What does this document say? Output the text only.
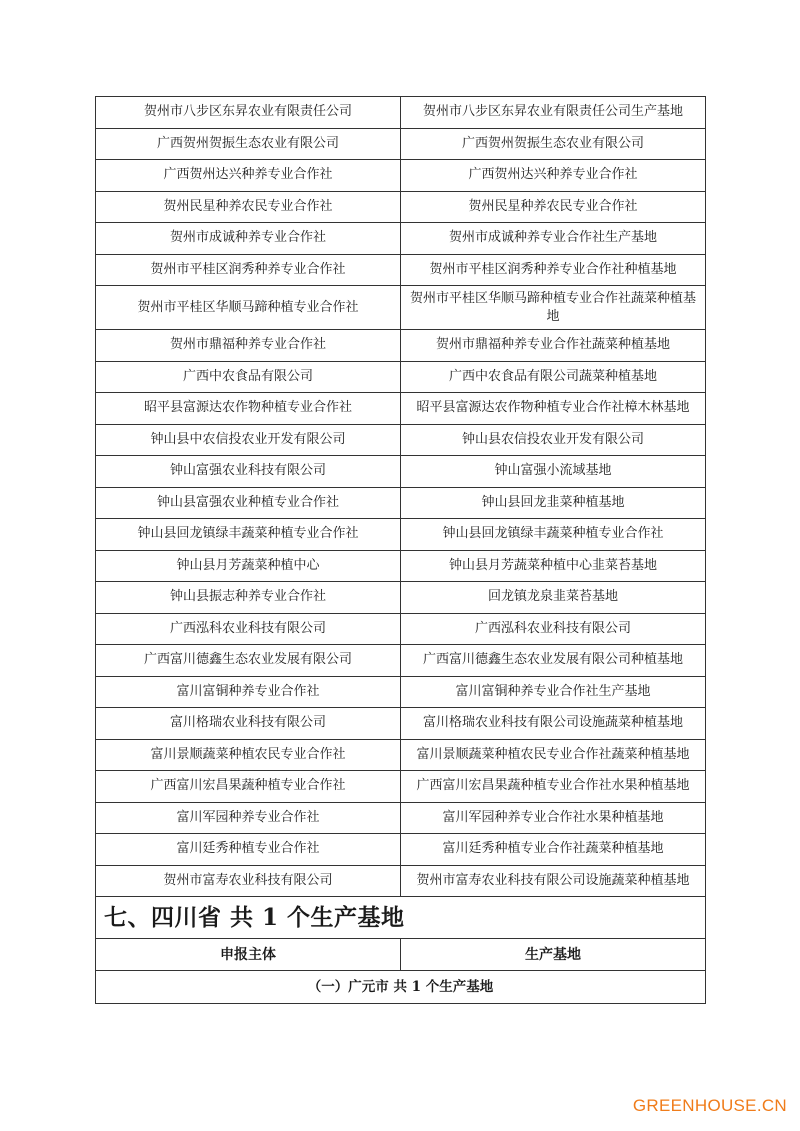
贺州市八步区东昇农业有限责任公司	贺州市八步区东昇农业有限责任公司生产基地
广西贺州贺振生态农业有限公司	广西贺州贺振生态农业有限公司
广西贺州达兴种养专业合作社	广西贺州达兴种养专业合作社
贺州民星种养农民专业合作社	贺州民星种养农民专业合作社
贺州市成诚种养专业合作社	贺州市成诚种养专业合作社生产基地
贺州市平桂区润秀种养专业合作社	贺州市平桂区润秀种养专业合作社种植基地
贺州市平桂区华顺马蹄种植专业合作社	贺州市平桂区华顺马蹄种植专业合作社蔬菜种植基地
贺州市鼎福种养专业合作社	贺州市鼎福种养专业合作社蔬菜种植基地
广西中农食品有限公司	广西中农食品有限公司蔬菜种植基地
昭平县富源达农作物种植专业合作社	昭平县富源达农作物种植专业合作社樟木林基地
钟山县中农信投农业开发有限公司	钟山县农信投农业开发有限公司
钟山富强农业科技有限公司	钟山富强小流域基地
钟山县富强农业种植专业合作社	钟山县回龙韭菜种植基地
钟山县回龙镇绿丰蔬菜种植专业合作社	钟山县回龙镇绿丰蔬菜种植专业合作社
钟山县月芳蔬菜种植中心	钟山县月芳蔬菜种植中心韭菜苔基地
钟山县振志种养专业合作社	回龙镇龙泉韭菜苔基地
广西泓科农业科技有限公司	广西泓科农业科技有限公司
广西富川德鑫生态农业发展有限公司	广西富川德鑫生态农业发展有限公司种植基地
富川富铜种养专业合作社	富川富铜种养专业合作社生产基地
富川格瑞农业科技有限公司	富川格瑞农业科技有限公司设施蔬菜种植基地
富川景顺蔬菜种植农民专业合作社	富川景顺蔬菜种植农民专业合作社蔬菜种植基地
广西富川宏昌果蔬种植专业合作社	广西富川宏昌果蔬种植专业合作社水果种植基地
富川军园种养专业合作社	富川军园种养专业合作社水果种植基地
富川廷秀种植专业合作社	富川廷秀种植专业合作社蔬菜种植基地
贺州市富寿农业科技有限公司	贺州市富寿农业科技有限公司设施蔬菜种植基地
七、四川省 共 1 个生产基地	
申报主体	生产基地
（一）广元市 共 1 个生产基地	
GREENHOUSE.CN
